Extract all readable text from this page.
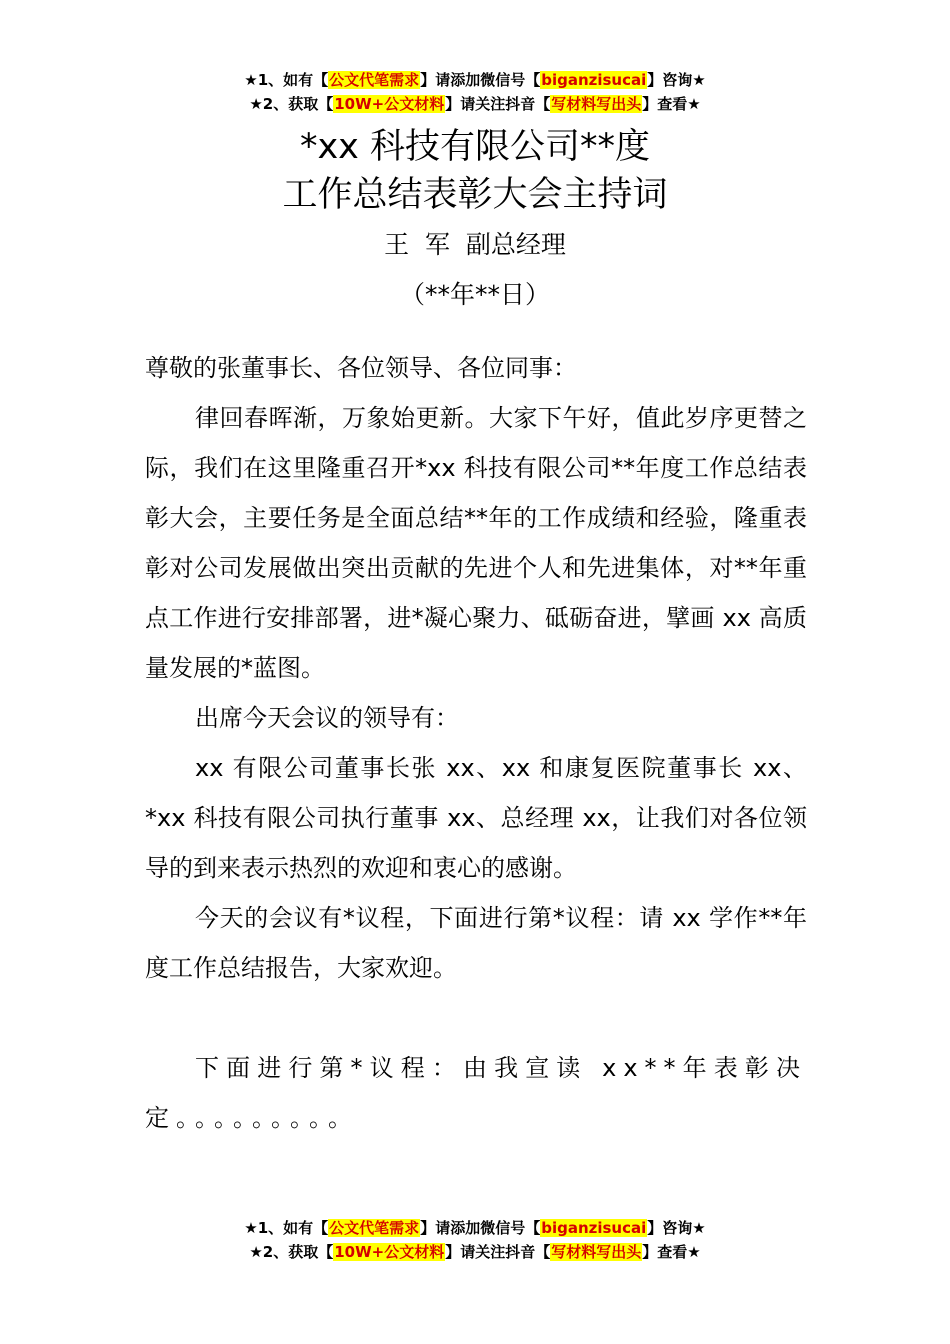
★1、如有【公文代笔需求】请添加微信号【biganzisucai】咨询★
★2、获取【10W+公文材料】请关注抖音【写材料写出头】查看★
*xx 科技有限公司**度
工作总结表彰大会主持词
王  军  副总经理
（**年**日）

尊敬的张董事长、各位领导、各位同事：

律回春晖渐，万象始更新。大家下午好，值此岁序更替之际，我们在这里隆重召开*xx 科技有限公司**年度工作总结表彰大会，主要任务是全面总结**年的工作成绩和经验，隆重表彰对公司发展做出突出贡献的先进个人和先进集体，对**年重点工作进行安排部署，进*凝心聚力、砥砺奋进，擘画 xx 高质量发展的*蓝图。

出席今天会议的领导有：

xx 有限公司董事长张 xx、xx 和康复医院董事长 xx、*xx 科技有限公司执行董事 xx、总经理 xx，让我们对各位领导的到来表示热烈的欢迎和衷心的感谢。

今天的会议有*议程，下面进行第*议程：请 xx 学作**年度工作总结报告，大家欢迎。

下面进行第*议程：由我宣读 xx**年表彰决定。。。。。。。。。

★1、如有【公文代笔需求】请添加微信号【biganzisucai】咨询★
★2、获取【10W+公文材料】请关注抖音【写材料写出头】查看★
